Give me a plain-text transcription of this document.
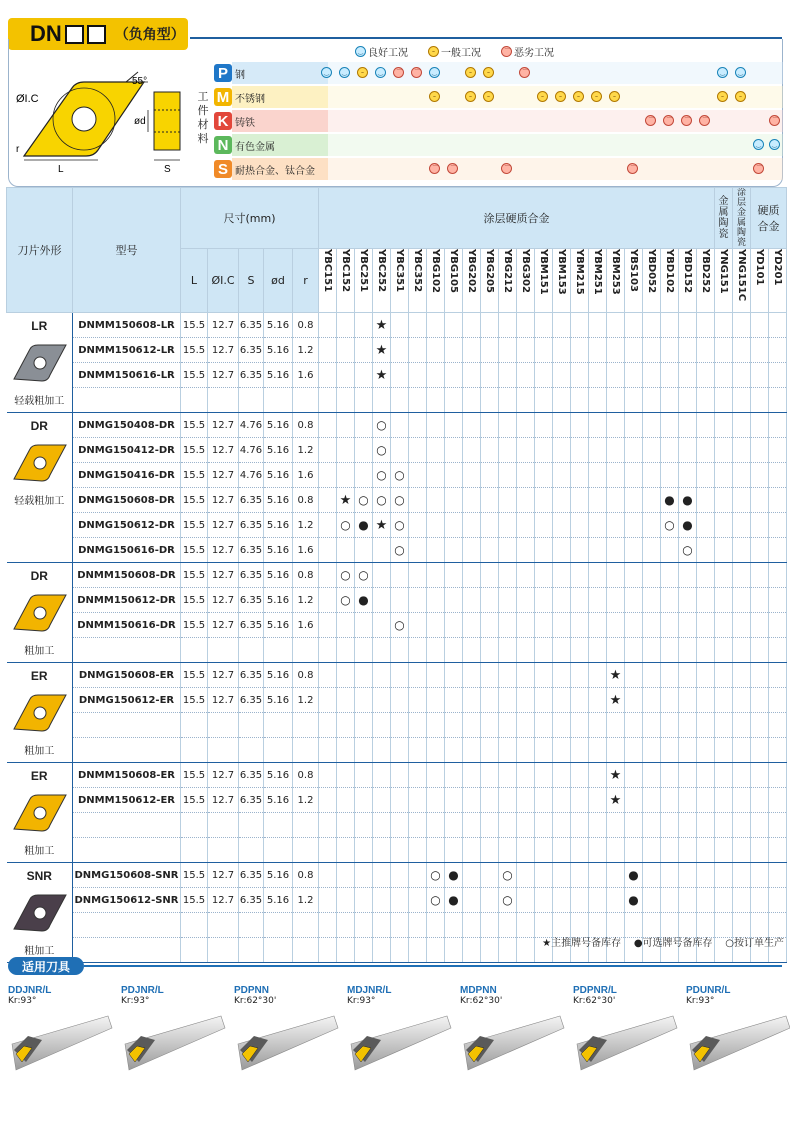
DN	（负角型）
‿ 良好工况	– 一般工况	⌒ 恶劣工况
ØI.C
55°
r
L
ød
S
工件材料
P 钢	‿	‿	–	‿	⌒	⌒	‿	–	–	⌒	‿	‿
M 不锈钢	–	–	–	–	–	–	–	–	–	–
K 铸铁	⌒	⌒	⌒	⌒	⌒
N 有色金属	‿	‿
S 耐热合金、钛合金	⌒	⌒	⌒	⌒	⌒
刀片外形	型号	尺寸(mm)					涂层硬质合金																						金属陶瓷	涂层金属陶瓷	硬质合金	
		L	ØI.C	S	ød	r	YBC151	YBC152	YBC251	YBC252	YBC351	YBC352	YBG102	YBG105	YBG202	YBG205	YBG212	YBG302	YBM151	YBM153	YBM215	YBM251	YBM253	YBS103	YBD052	YBD102	YBD152	YBD252	YNG151	YNG151C	YD101	YD201

LR
轻载粗加工	DNMM150608-LR	15.5	12.7	6.35	5.16	0.8				★																						
	DNMM150612-LR	15.5	12.7	6.35	5.16	1.2				★																						
	DNMM150616-LR	15.5	12.7	6.35	5.16	1.6				★																						

DR
轻载粗加工	DNMG150408-DR	15.5	12.7	4.76	5.16	0.8				○																						
	DNMG150412-DR	15.5	12.7	4.76	5.16	1.2				○																						
	DNMG150416-DR	15.5	12.7	4.76	5.16	1.6				○	○																					
	DNMG150608-DR	15.5	12.7	6.35	5.16	0.8		★	○	○	○															●	●					
	DNMG150612-DR	15.5	12.7	6.35	5.16	1.2		○	●	★	○															○	●					
	DNMG150616-DR	15.5	12.7	6.35	5.16	1.6					○																○					

DR
粗加工	DNMM150608-DR	15.5	12.7	6.35	5.16	0.8		○	○																							
	DNMM150612-DR	15.5	12.7	6.35	5.16	1.2		○	●																							
	DNMM150616-DR	15.5	12.7	6.35	5.16	1.6					○																					

ER
粗加工	DNMG150608-ER	15.5	12.7	6.35	5.16	0.8																	★									
	DNMG150612-ER	15.5	12.7	6.35	5.16	1.2																	★									

ER
粗加工	DNMM150608-ER	15.5	12.7	6.35	5.16	0.8																	★									
	DNMM150612-ER	15.5	12.7	6.35	5.16	1.2																	★									

SNR
粗加工	DNMG150608-SNR	15.5	12.7	6.35	5.16	0.8							○	●			○							●								
	DNMG150612-SNR	15.5	12.7	6.35	5.16	1.2							○	●			○							●								

★主推牌号备库存 ●可选牌号备库存 ○按订单生产
适用刀具
DDJNR/L
Kr:93°
PDJNR/L
Kr:93°
PDPNN
Kr:62°30'
MDJNR/L
Kr:93°
MDPNN
Kr:62°30'
PDPNR/L
Kr:62°30'
PDUNR/L
Kr:93°
